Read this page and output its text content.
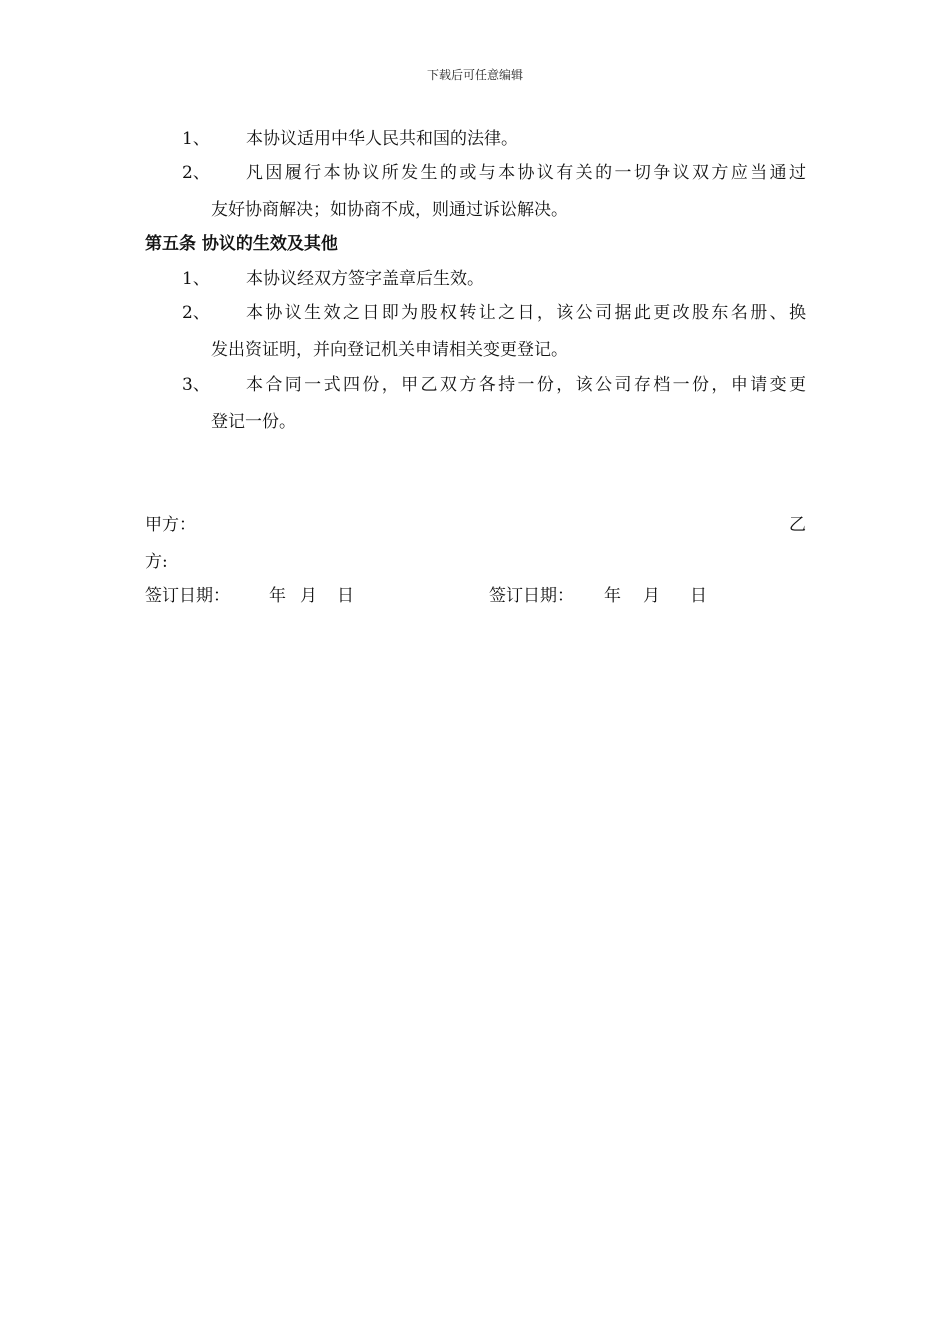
下载后可任意编辑
1、 本协议适用中华人民共和国的法律。
2、 凡因履行本协议所发生的或与本协议有关的一切争议双方应当通过
友好协商解决；如协商不成，则通过诉讼解决。
第五条 协议的生效及其他
1、 本协议经双方签字盖章后生效。
2、 本协议生效之日即为股权转让之日，该公司据此更改股东名册、换
发出资证明，并向登记机关申请相关变更登记。
3、 本合同一式四份，甲乙双方各持一份，该公司存档一份，申请变更
登记一份。
甲方：	乙
方:
签订日期： 年 月 日	签订日期： 年 月 日
